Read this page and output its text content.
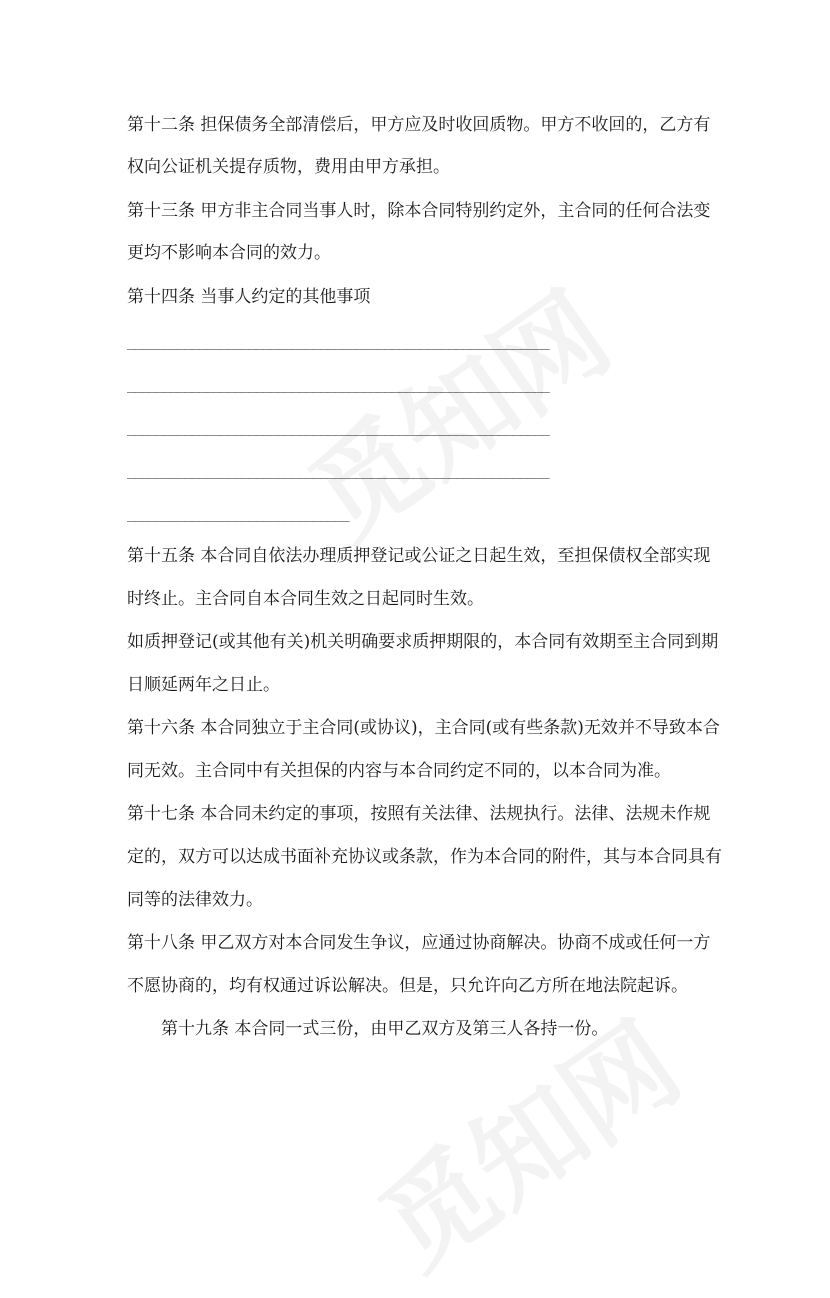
第十二条 担保债务全部清偿后，甲方应及时收回质物。甲方不收回的，乙方有
权向公证机关提存质物，费用由甲方承担。
第十三条 甲方非主合同当事人时，除本合同特别约定外，主合同的任何合法变
更均不影响本合同的效力。
第十四条 当事人约定的其他事项
___________________________________________________________
___________________________________________________________
___________________________________________________________
___________________________________________________________
_______________________________
第十五条 本合同自依法办理质押登记或公证之日起生效，至担保债权全部实现
时终止。主合同自本合同生效之日起同时生效。
如质押登记(或其他有关)机关明确要求质押期限的，本合同有效期至主合同到期
日顺延两年之日止。
第十六条 本合同独立于主合同(或协议)，主合同(或有些条款)无效并不导致本合
同无效。主合同中有关担保的内容与本合同约定不同的，以本合同为准。
第十七条 本合同未约定的事项，按照有关法律、法规执行。法律、法规未作规
定的，双方可以达成书面补充协议或条款，作为本合同的附件，其与本合同具有
同等的法律效力。
第十八条 甲乙双方对本合同发生争议，应通过协商解决。协商不成或任何一方
不愿协商的，均有权通过诉讼解决。但是，只允许向乙方所在地法院起诉。
第十九条 本合同一式三份，由甲乙双方及第三人各持一份。
